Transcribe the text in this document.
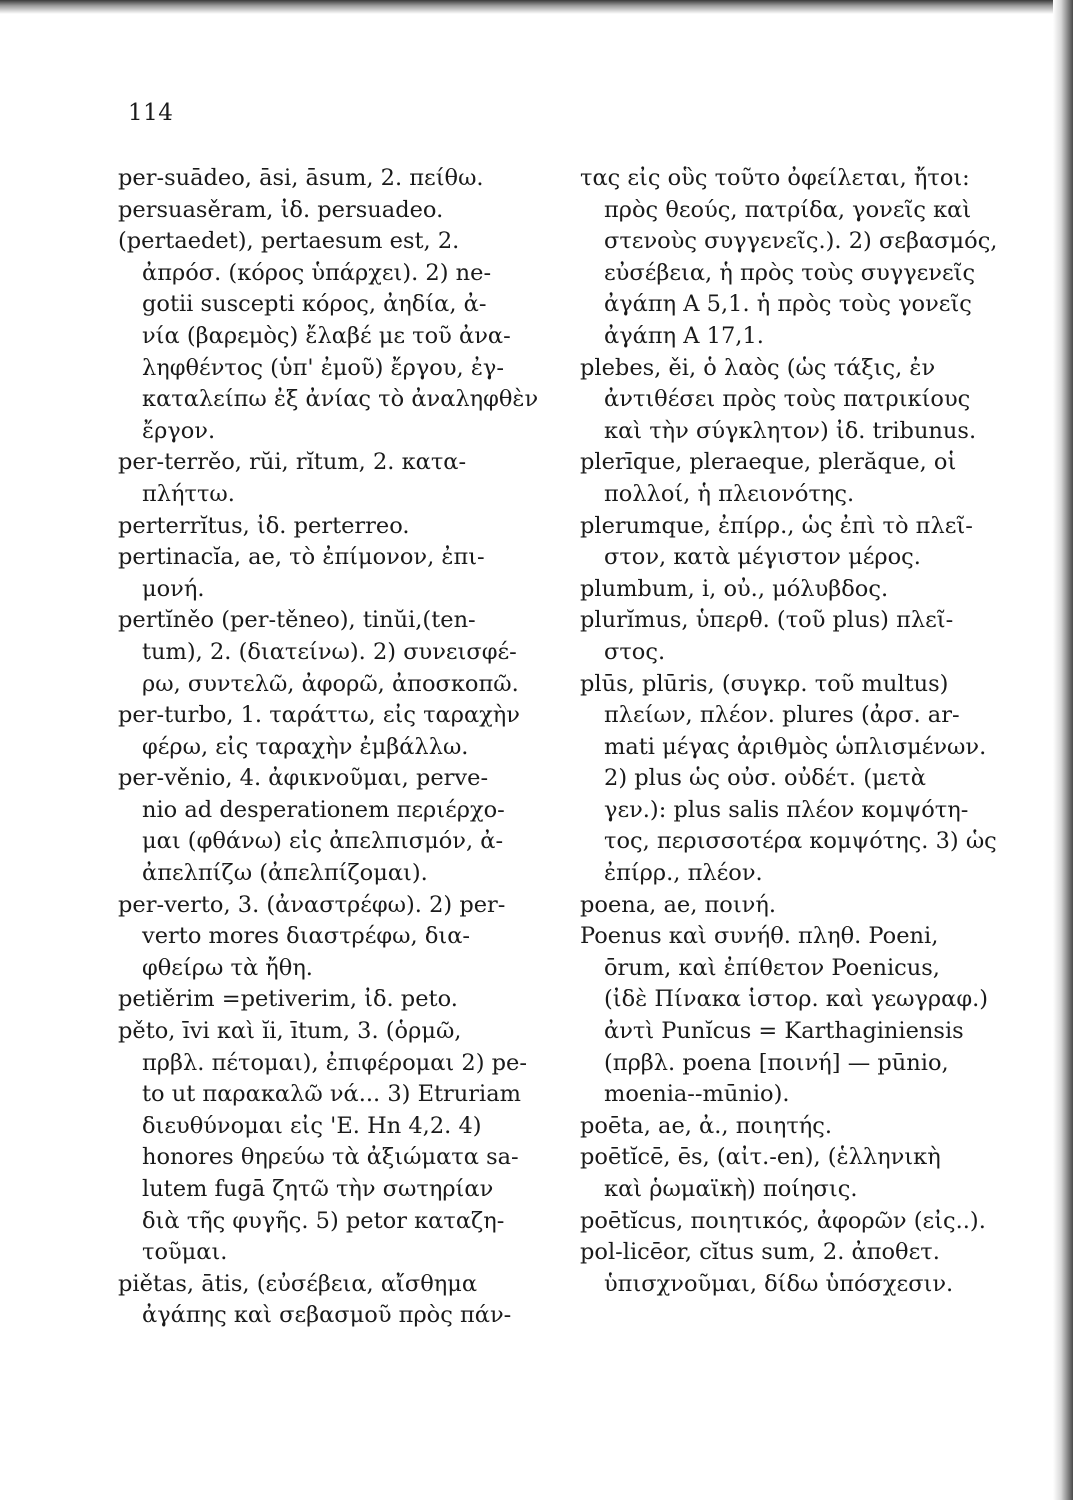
114

per-suādeo, āsi, āsum, 2. πείθω.

persuasěram, ἰδ. persuadeo.

(pertaedet), pertaesum est, 2.
ἀπρόσ. (κόρος ὑπάρχει). 2) ne-
gotii suscepti κόρος, ἀηδία, ἀ-
νία (βαρεμὸς) ἔλαβέ με τοῦ ἀνα-
ληφθέντος (ὑπ' ἐμοῦ) ἔργου, ἐγ-
καταλείπω ἐξ ἀνίας τὸ ἀναληφθὲν
ἔργον.

per-terrěo, rŭi, rĭtum, 2. κατα-
πλήττω.

perterrĭtus, ἰδ. perterreo.

pertinacĭa, ae, τὸ ἐπίμονον, ἐπι-
μονή.

pertĭněo (per-těneo), tinŭi,(ten-
tum), 2. (διατείνω). 2) συνεισφέ-
ρω, συντελῶ, ἀφορῶ, ἀποσκοπῶ.

per-turbo, 1. ταράττω, εἰς ταραχὴν
φέρω, εἰς ταραχὴν ἐμβάλλω.

per-věnio, 4. ἀφικνοῦμαι, perve-
nio ad desperationem περιέρχο-
μαι (φθάνω) εἰς ἀπελπισμόν, ἀ-
ἀπελπίζω (ἀπελπίζομαι).

per-verto, 3. (ἀναστρέφω). 2) per-
verto mores διαστρέφω, δια-
φθείρω τὰ ἤθη.

petiěrim =petiverim, ἰδ. peto.

pěto, īvi καὶ ĭi, ītum, 3. (ὁρμῶ,
πρβλ. πέτομαι), ἐπιφέρομαι 2) pe-
to ut παρακαλῶ νά... 3) Etruriam
διευθύνομαι εἰς 'Ε. Hn 4,2. 4)
honores θηρεύω τὰ ἀξιώματα sa-
lutem fugā ζητῶ τὴν σωτηρίαν
διὰ τῆς φυγῆς. 5) petor καταζη-
τοῦμαι.

piětas, ātis, (εὐσέβεια, αἴσθημα
ἀγάπης καὶ σεβασμοῦ πρὸς πάν-

τας εἰς οὓς τοῦτο ὀφείλεται, ἤτοι:
πρὸς θεούς, πατρίδα, γονεῖς καὶ
στενοὺς συγγενεῖς.). 2) σεβασμός,
εὐσέβεια, ἡ πρὸς τοὺς συγγενεῖς
ἀγάπη A 5,1. ἡ πρὸς τοὺς γονεῖς
ἀγάπη A 17,1.

plebes, ěi, ὁ λαὸς (ὡς τάξις, ἐν
ἀντιθέσει πρὸς τοὺς πατρικίους
καὶ τὴν σύγκλητον) ἰδ. tribunus.

plerīque, pleraeque, plerăque, οἱ
πολλοί, ἡ πλειονότης.

plerumque, ἐπίρρ., ὡς ἐπὶ τὸ πλεῖ-
στον, κατὰ μέγιστον μέρος.

plumbum, i, οὐ., μόλυβδος.

plurĭmus, ὑπερθ. (τοῦ plus) πλεῖ-
στος.

plūs, plūris, (συγκρ. τοῦ multus)
πλείων, πλέον. plures (ἀρσ. ar-
mati μέγας ἀριθμὸς ὡπλισμένων.
2) plus ὡς οὐσ. οὐδέτ. (μετὰ
γεν.): plus salis πλέον κομψότη-
τος, περισσοτέρα κομψότης. 3) ὡς
ἐπίρρ., πλέον.

poena, ae, ποινή.

Poenus καὶ συνήθ. πληθ. Poeni,
ōrum, καὶ ἐπίθετον Poenicus,
(ἰδὲ Πίνακα ἱστορ. καὶ γεωγραφ.)
ἀντὶ Punĭcus = Karthaginiensis
(πρβλ. poena [ποινή] — pūnio,
moenia--mūnio).

poēta, ae, ἀ., ποιητής.

poētĭcē, ēs, (αἰτ.-en), (ἑλληνικὴ
καὶ ῥωμαϊκὴ) ποίησις.

poētĭcus, ποιητικός, ἀφορῶν (εἰς..).

pol-licēor, cĭtus sum, 2. ἀποθετ.
ὑπισχνοῦμαι, δίδω ὑπόσχεσιν.
